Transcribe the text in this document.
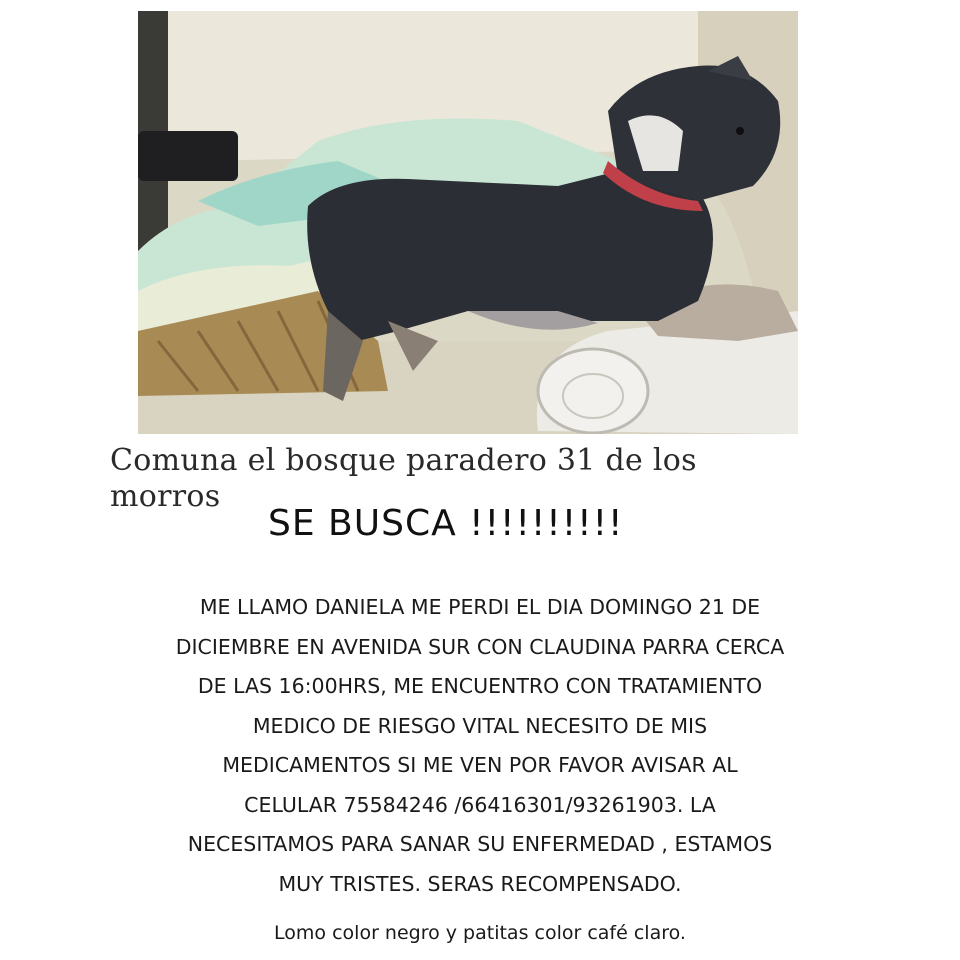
Comuna el bosque paradero 31 de los
morros
SE BUSCA !!!!!!!!!!

ME LLAMO DANIELA ME PERDI EL DIA DOMINGO 21 DE
DICIEMBRE EN AVENIDA SUR CON CLAUDINA PARRA CERCA
DE LAS 16:00HRS, ME ENCUENTRO CON TRATAMIENTO
MEDICO DE RIESGO VITAL NECESITO DE MIS
MEDICAMENTOS SI ME VEN POR FAVOR AVISAR AL
CELULAR 75584246 /66416301/93261903. LA
NECESITAMOS PARA SANAR SU ENFERMEDAD , ESTAMOS
MUY TRISTES. SERAS RECOMPENSADO.

Lomo color negro y patitas color café claro.
